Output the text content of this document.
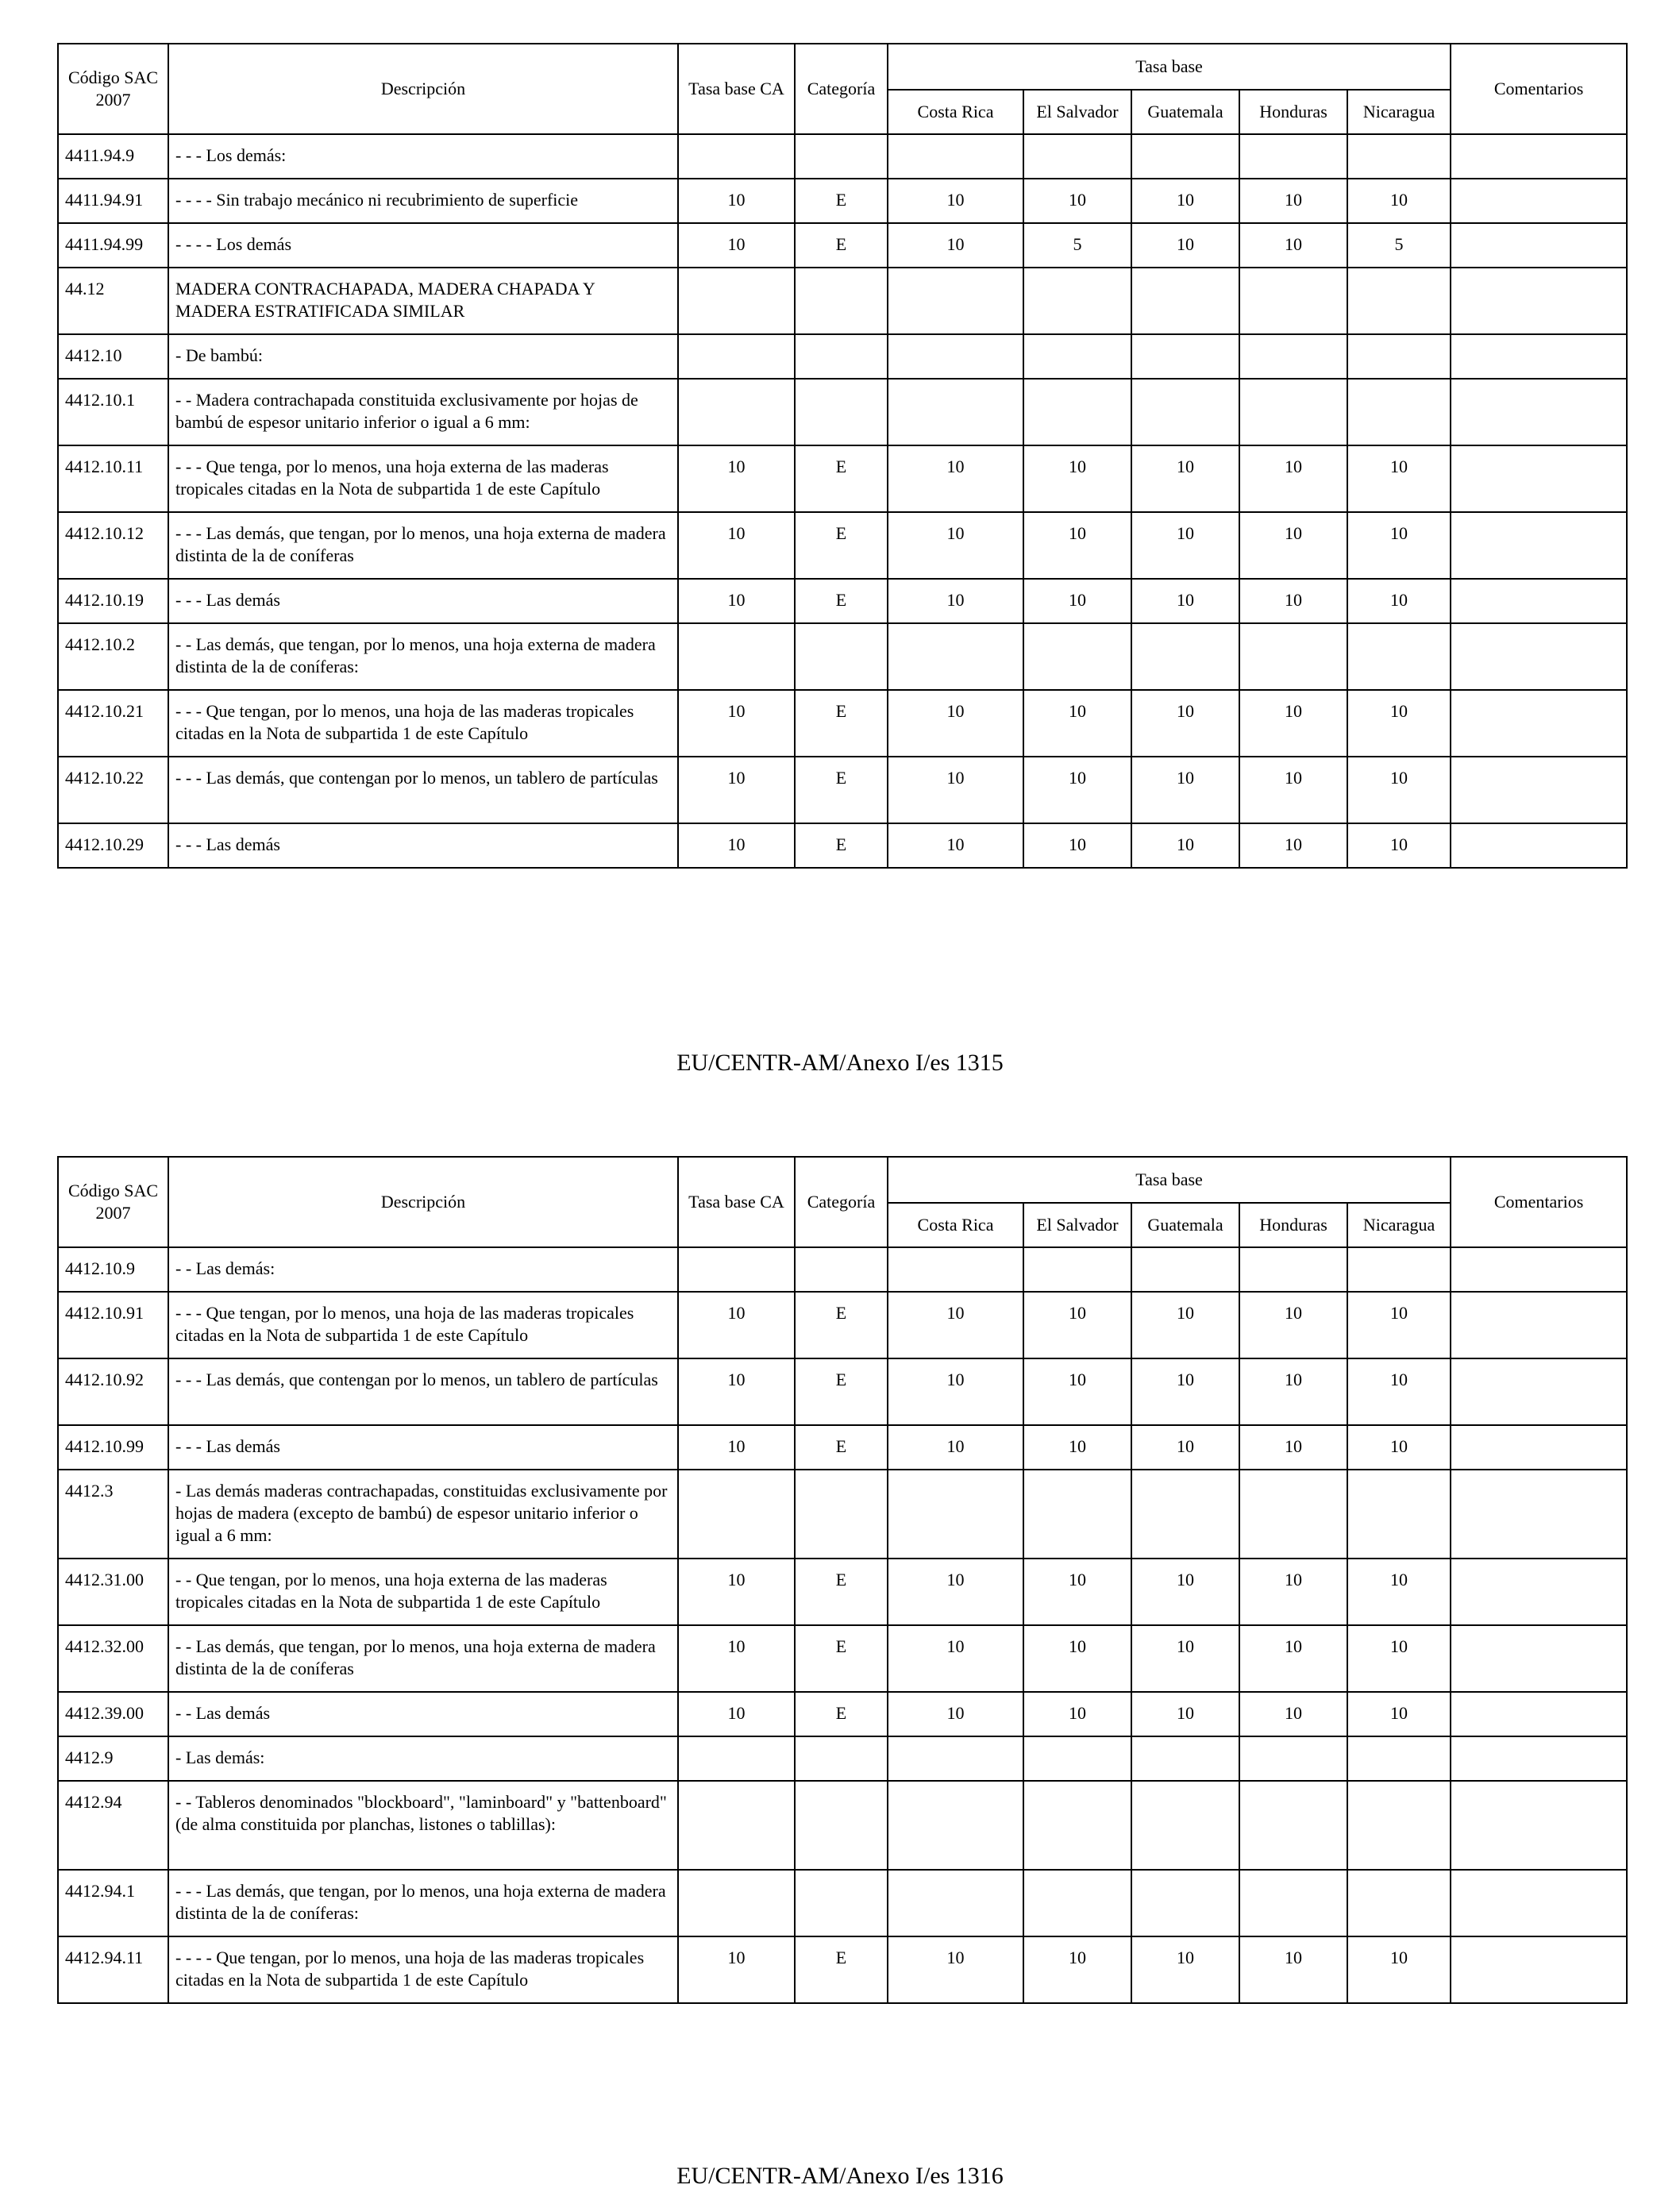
Código SAC 2007	Descripción	Tasa base CA	Categoría	Tasa base					Comentarios
				Costa Rica	El Salvador	Guatemala	Honduras	Nicaragua	
4411.94.9	- - - Los demás:								
4411.94.91	- - - - Sin trabajo mecánico ni recubrimiento de superficie	10	E	10	10	10	10	10	
4411.94.99	- - - - Los demás	10	E	10	5	10	10	5	
44.12	MADERA CONTRACHAPADA, MADERA CHAPADA Y MADERA ESTRATIFICADA SIMILAR								
4412.10	- De bambú:								
4412.10.1	- - Madera contrachapada constituida exclusivamente por hojas de bambú de espesor unitario inferior o igual a 6 mm:								
4412.10.11	- - - Que tenga, por lo menos, una hoja externa de las maderas tropicales citadas en la Nota de subpartida 1 de este Capítulo	10	E	10	10	10	10	10	
4412.10.12	- - - Las demás, que tengan, por lo menos, una hoja externa de madera distinta de la de coníferas	10	E	10	10	10	10	10	
4412.10.19	- - - Las demás	10	E	10	10	10	10	10	
4412.10.2	- - Las demás, que tengan, por lo menos, una hoja externa de madera distinta de la de coníferas:								
4412.10.21	- - - Que tengan, por lo menos, una hoja de las maderas tropicales citadas en la Nota de subpartida 1 de este Capítulo	10	E	10	10	10	10	10	
4412.10.22	- - - Las demás, que contengan por lo menos, un tablero de partículas	10	E	10	10	10	10	10	
4412.10.29	- - - Las demás	10	E	10	10	10	10	10	
EU/CENTR-AM/Anexo I/es 1315
Código SAC 2007	Descripción	Tasa base CA	Categoría	Tasa base					Comentarios
				Costa Rica	El Salvador	Guatemala	Honduras	Nicaragua	
4412.10.9	- - Las demás:								
4412.10.91	- - - Que tengan, por lo menos, una hoja de las maderas tropicales citadas en la Nota de subpartida 1 de este Capítulo	10	E	10	10	10	10	10	
4412.10.92	- - - Las demás, que contengan por lo menos, un tablero de partículas	10	E	10	10	10	10	10	
4412.10.99	- - - Las demás	10	E	10	10	10	10	10	
4412.3	- Las demás maderas contrachapadas, constituidas exclusivamente por hojas de madera (excepto de bambú) de espesor unitario inferior o igual a 6 mm:								
4412.31.00	- - Que tengan, por lo menos, una hoja externa de las maderas tropicales citadas en la Nota de subpartida 1 de este Capítulo	10	E	10	10	10	10	10	
4412.32.00	- - Las demás, que tengan, por lo menos, una hoja externa de madera distinta de la de coníferas	10	E	10	10	10	10	10	
4412.39.00	- - Las demás	10	E	10	10	10	10	10	
4412.9	- Las demás:								
4412.94	- - Tableros denominados "blockboard", "laminboard" y "battenboard"(de alma constituida por planchas, listones o tablillas):								
4412.94.1	- - - Las demás, que tengan, por lo menos, una hoja externa de madera distinta de la de coníferas:								
4412.94.11	- - - - Que tengan, por lo menos, una hoja de las maderas tropicales citadas en la Nota de subpartida 1 de este Capítulo	10	E	10	10	10	10	10	
EU/CENTR-AM/Anexo I/es 1316
